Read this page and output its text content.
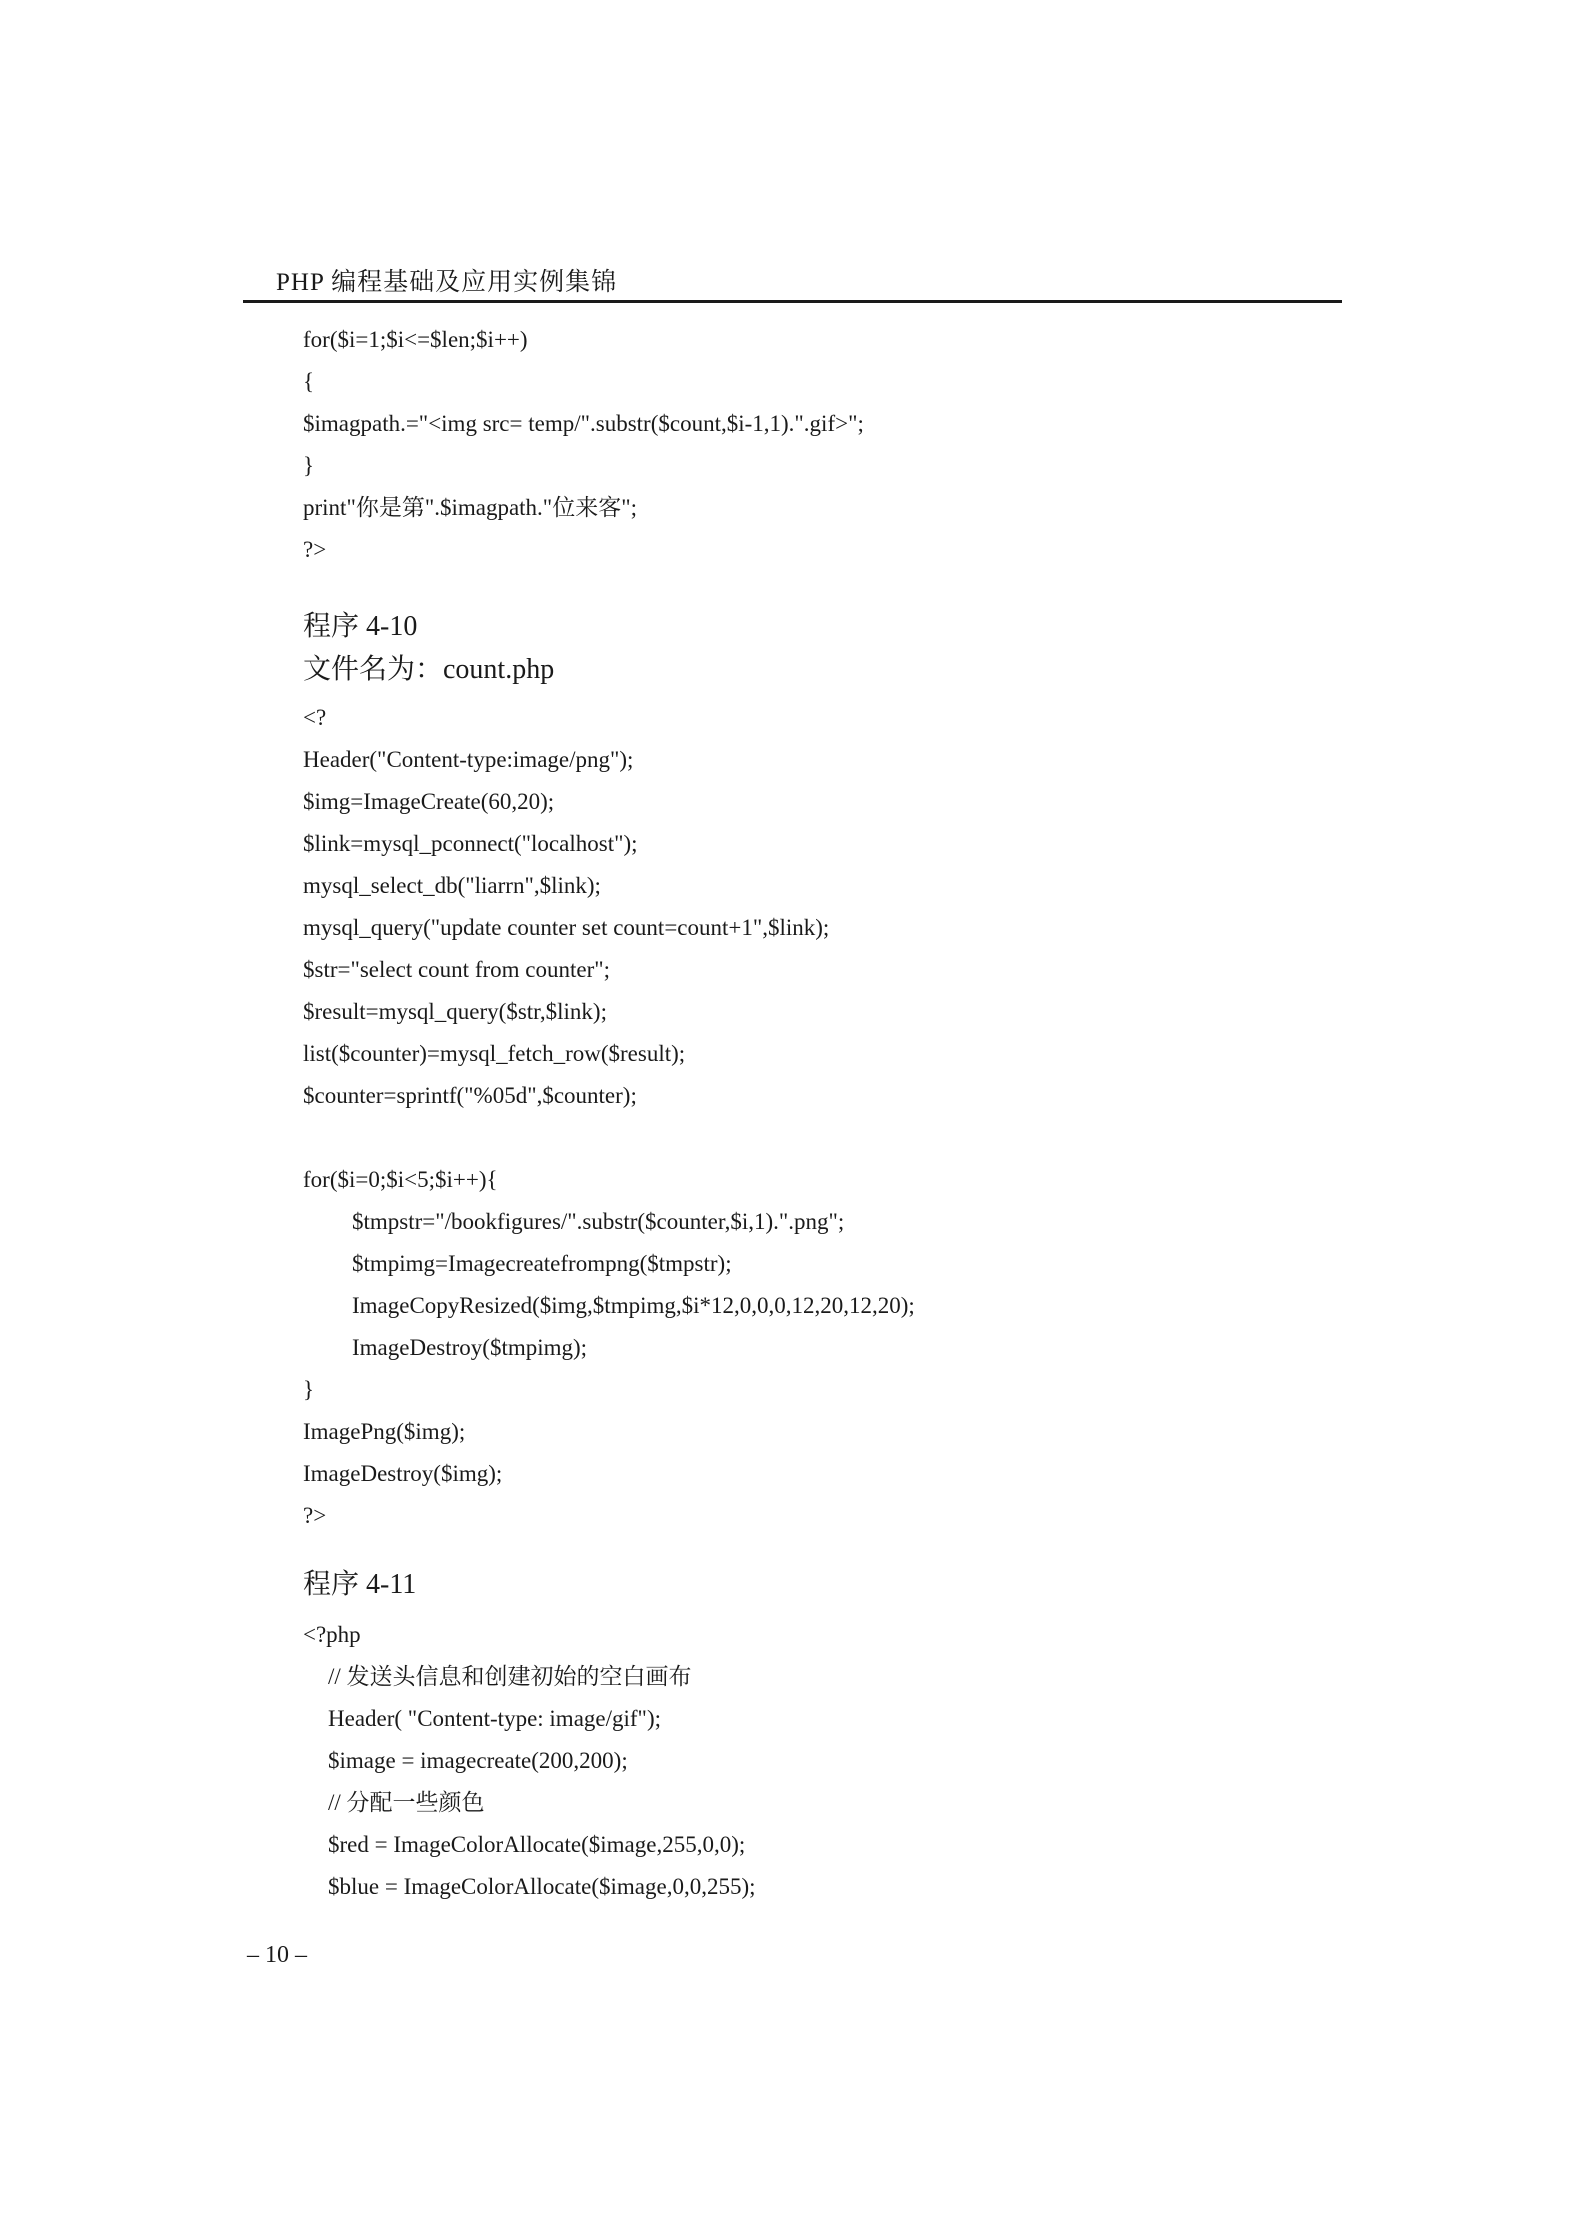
PHP 编程基础及应用实例集锦
for($i=1;$i<=$len;$i++)
{
$imagpath.="<img src= temp/".substr($count,$i-1,1).".gif>";
}
print"你是第".$imagpath."位来客";
?>
程序 4-10
文件名为：count.php
<?
Header("Content-type:image/png");
$img=ImageCreate(60,20);
$link=mysql_pconnect("localhost");
mysql_select_db("liarrn",$link);
mysql_query("update counter set count=count+1",$link);
$str="select count from counter";
$result=mysql_query($str,$link);
list($counter)=mysql_fetch_row($result);
$counter=sprintf("%05d",$counter);
for($i=0;$i<5;$i++){
$tmpstr="/bookfigures/".substr($counter,$i,1).".png";
$tmpimg=Imagecreatefrompng($tmpstr);
ImageCopyResized($img,$tmpimg,$i*12,0,0,0,12,20,12,20);
ImageDestroy($tmpimg);
}
ImagePng($img);
ImageDestroy($img);
?>
程序 4-11
<?php
// 发送头信息和创建初始的空白画布
Header( "Content-type: image/gif");
$image = imagecreate(200,200);
// 分配一些颜色
$red = ImageColorAllocate($image,255,0,0);
$blue = ImageColorAllocate($image,0,0,255);
– 10 –
